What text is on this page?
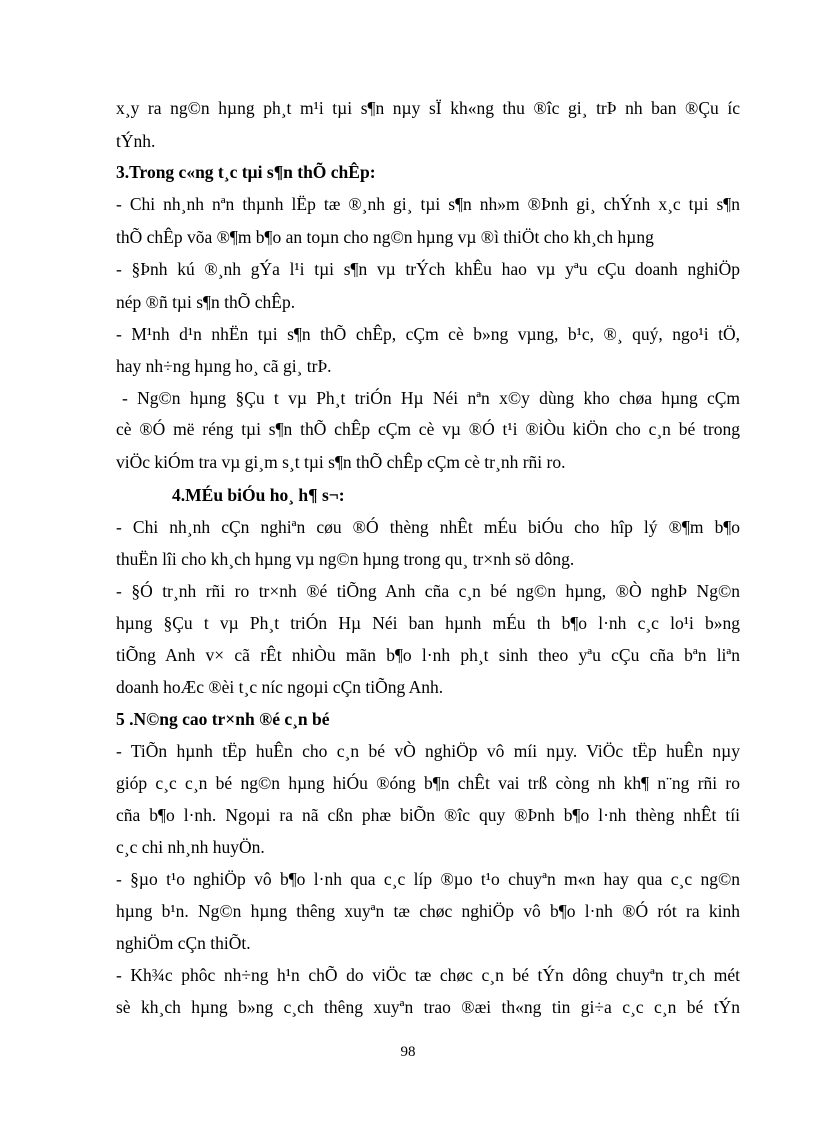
x¸y ra ng©n hµng ph¸t m¹i tµi s¶n nµy sÏ kh«ng thu ®îc gi¸ trÞ nh ban ®Çu íc
tÝnh.
3.Trong c«ng t¸c tµi s¶n thÕ chÊp:
- Chi nh¸nh nªn thµnh lËp tæ ®¸nh gi¸ tµi s¶n nh»m ®Þnh gi¸ chÝnh x¸c tµi s¶n
thÕ chÊp võa ®¶m b¶o an toµn cho ng©n hµng vµ ®ì thiÖt cho kh¸ch hµng
- §Þnh kú ®¸nh gÝa l¹i tµi s¶n vµ trÝch khÊu hao vµ yªu cÇu doanh nghiÖp
nép ®ñ tµi s¶n thÕ chÊp.
- M¹nh d¹n nhËn tµi s¶n thÕ chÊp, cÇm cè b»ng vµng, b¹c, ®¸ quý, ngo¹i tÖ,
hay nh÷ng hµng ho¸ cã gi¸ trÞ.
- Ng©n hµng §Çu t vµ Ph¸t triÓn Hµ Néi nªn x©y dùng kho chøa hµng cÇm
cè ®Ó më réng tµi s¶n thÕ chÊp cÇm cè vµ ®Ó t¹i ®iÒu kiÖn cho c¸n bé trong
viÖc kiÓm tra vµ gi¸m s¸t tµi s¶n thÕ chÊp cÇm cè tr¸nh rñi ro.
4.MÉu biÓu ho¸ h¶ s¬:
- Chi nh¸nh cÇn nghiªn cøu ®Ó thèng nhÊt mÉu biÓu cho hîp lý ®¶m b¶o
thuËn lîi cho kh¸ch hµng vµ ng©n hµng trong qu¸ tr×nh sö dông.
- §Ó tr¸nh rñi ro tr×nh ®é tiÕng Anh cña c¸n bé ng©n hµng, ®Ò nghÞ Ng©n
hµng §Çu t vµ Ph¸t triÓn Hµ Néi ban hµnh mÉu th b¶o l·nh c¸c lo¹i b»ng
tiÕng Anh v× cã rÊt nhiÒu mãn b¶o l·nh ph¸t sinh theo yªu cÇu cña bªn liªn
doanh hoÆc ®èi t¸c níc ngoµi cÇn tiÕng Anh.
5 .N©ng cao tr×nh ®é c¸n bé
- TiÕn hµnh tËp huÊn cho c¸n bé vÒ nghiÖp vô míi nµy. ViÖc tËp huÊn nµy
gióp c¸c c¸n bé ng©n hµng hiÓu ®óng b¶n chÊt vai trß còng nh kh¶ n¨ng rñi ro
cña b¶o l·nh. Ngoµi ra nã cßn phæ biÕn ®îc quy ®Þnh b¶o l·nh thèng nhÊt tíi
c¸c chi nh¸nh huyÖn.
- §µo t¹o nghiÖp vô b¶o l·nh qua c¸c líp ®µo t¹o chuyªn m«n hay qua c¸c ng©n
hµng b¹n. Ng©n hµng thêng xuyªn tæ chøc nghiÖp vô b¶o l·nh ®Ó rót ra kinh
nghiÖm cÇn thiÕt.
- Kh¾c phôc nh÷ng h¹n chÕ do viÖc tæ chøc c¸n bé tÝn dông chuyªn tr¸ch mét
sè kh¸ch hµng b»ng c¸ch thêng xuyªn trao ®æi th«ng tin gi÷a c¸c c¸n bé tÝn
98
